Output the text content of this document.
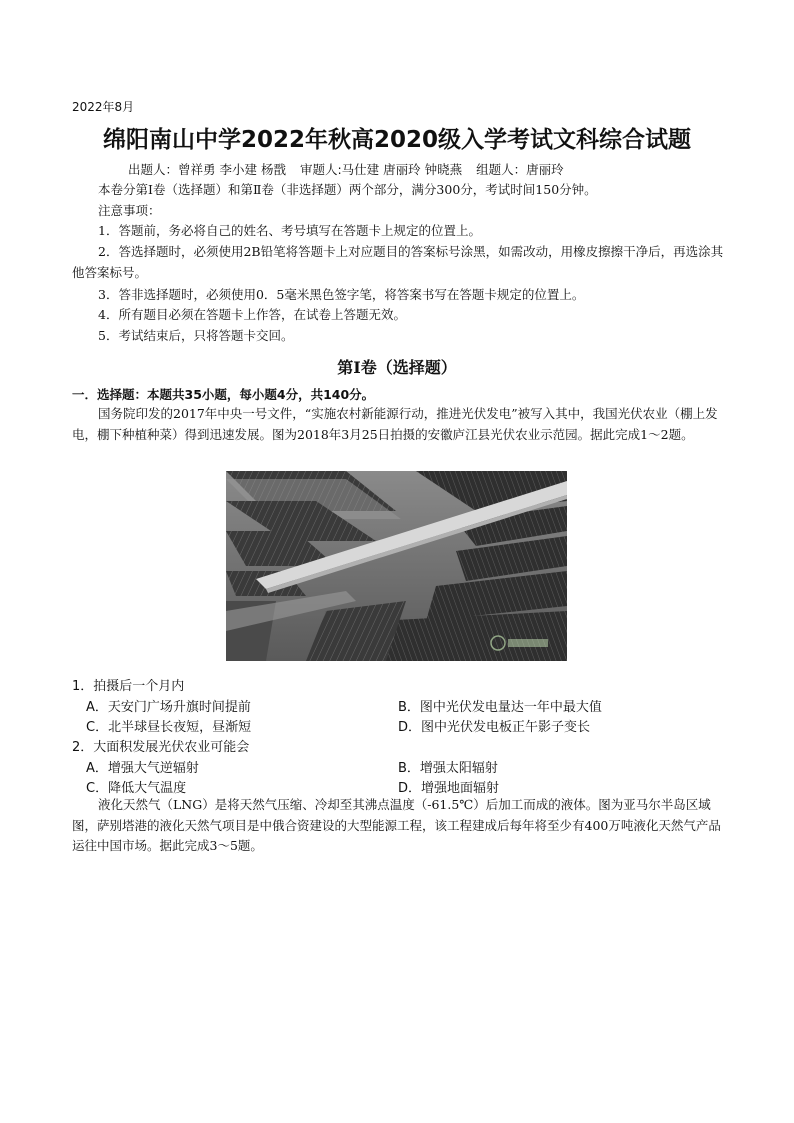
2022年8月
绵阳南山中学2022年秋高2020级入学考试文科综合试题
出题人：曾祥勇 李小建 杨戬 审题人:马仕建 唐丽玲 钟晓燕 组题人：唐丽玲
本卷分第Ⅰ卷（选择题）和第Ⅱ卷（非选择题）两个部分，满分300分，考试时间150分钟。
注意事项：
1．答题前，务必将自己的姓名、考号填写在答题卡上规定的位置上。
2．答选择题时，必须使用2B铅笔将答题卡上对应题目的答案标号涂黑，如需改动，用橡皮擦擦干净后，再选涂其他答案标号。
3．答非选择题时，必须使用0．5毫米黑色签字笔，将答案书写在答题卡规定的位置上。
4．所有题目必须在答题卡上作答，在试卷上答题无效。
5．考试结束后，只将答题卡交回。
第Ⅰ卷（选择题）
一．选择题：本题共35小题，每小题4分，共140分。
国务院印发的2017年中央一号文件，“实施农村新能源行动，推进光伏发电”被写入其中，我国光伏农业（棚上发电，棚下种植种菜）得到迅速发展。图为2018年3月25日拍摄的安徽庐江县光伏农业示范园。据此完成1～2题。
1．拍摄后一个月内
A．天安门广场升旗时间提前	B．图中光伏发电量达一年中最大值
C．北半球昼长夜短，昼渐短	D．图中光伏发电板正午影子变长
2．大面积发展光伏农业可能会
A．增强大气逆辐射	B．增强太阳辐射
C．降低大气温度	D．增强地面辐射
液化天然气（LNG）是将天然气压缩、冷却至其沸点温度（-61.5℃）后加工而成的液体。图为亚马尔半岛区域图，萨别塔港的液化天然气项目是中俄合资建设的大型能源工程，该工程建成后每年将至少有400万吨液化天然气产品运往中国市场。据此完成3～5题。
